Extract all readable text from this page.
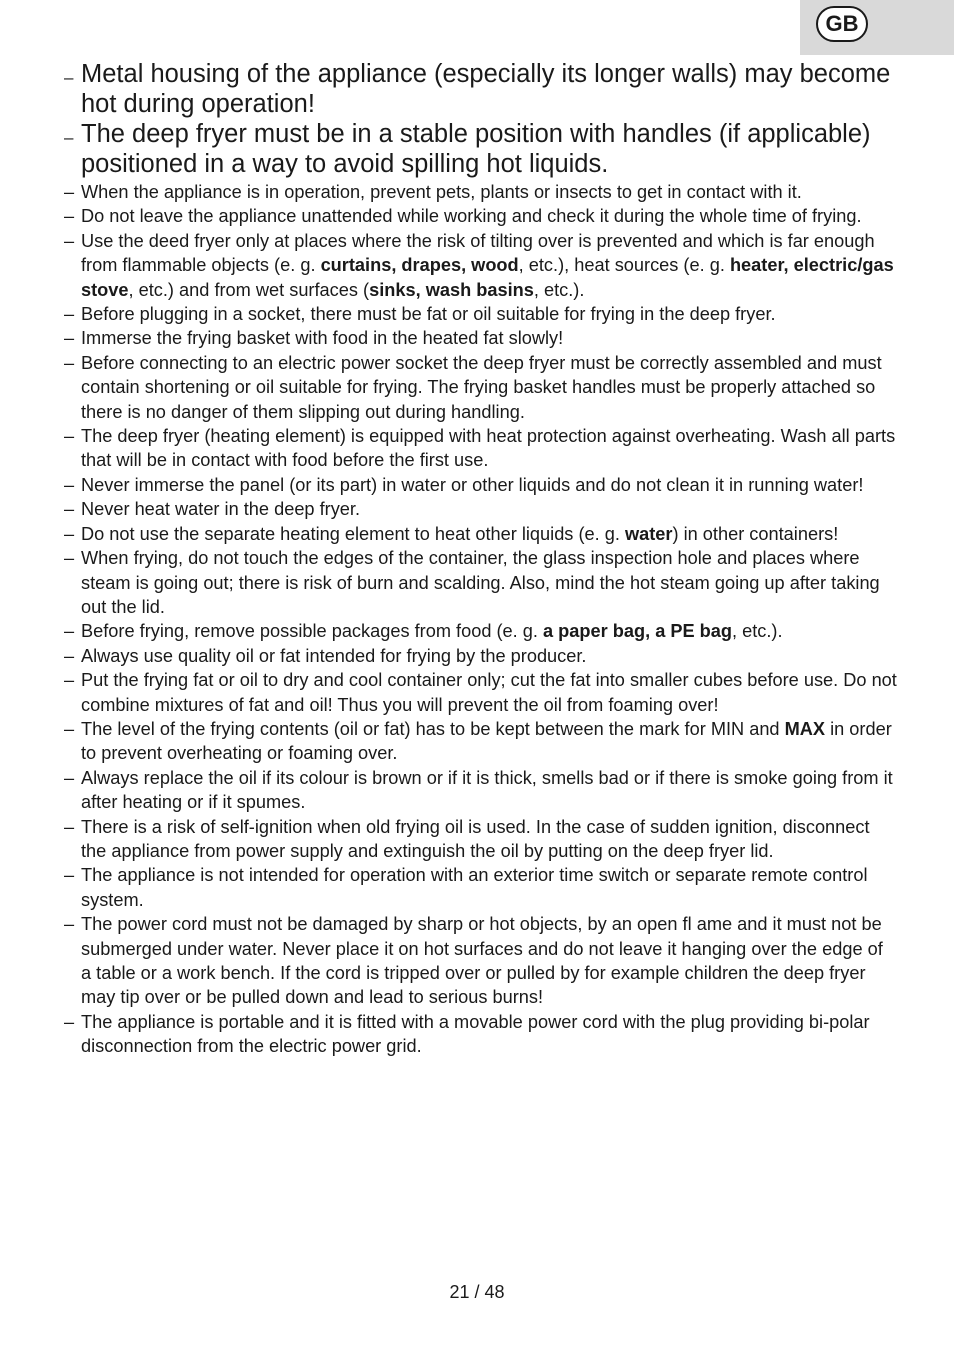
GB
– Metal housing of the appliance (especially its longer walls) may become hot during operation!
– The deep fryer must be in a stable position with handles (if applicable) positioned in a way to avoid spilling hot liquids.
– When the appliance is in operation, prevent pets, plants or insects to get in contact with it.
– Do not leave the appliance unattended while working and check it during the whole time of frying.
– Use the deed fryer only at places where the risk of tilting over is prevented and which is far enough from flammable objects (e. g. curtains, drapes, wood, etc.), heat sources (e. g. heater, electric/gas stove, etc.) and from wet surfaces (sinks, wash basins, etc.).
– Before plugging in a socket, there must be fat or oil suitable for frying in the deep fryer.
– Immerse the frying basket with food in the heated fat slowly!
– Before connecting to an electric power socket the deep fryer must be correctly assembled and must contain shortening or oil suitable for frying. The frying basket handles must be properly attached so there is no danger of them slipping out during handling.
– The deep fryer (heating element) is equipped with heat protection against overheating. Wash all parts that will be in contact with food before the first use.
– Never immerse the panel (or its part) in water or other liquids and do not clean it in running water!
– Never heat water in the deep fryer.
– Do not use the separate heating element to heat other liquids (e. g. water) in other containers!
– When frying, do not touch the edges of the container, the glass inspection hole and places where steam is going out; there is risk of burn and scalding. Also, mind the hot steam going up after taking out the lid.
– Before frying, remove possible packages from food (e. g. a paper bag, a PE bag, etc.).
– Always use quality oil or fat intended for frying by the producer.
– Put the frying fat or oil to dry and cool container only; cut the fat into smaller cubes before use. Do not combine mixtures of fat and oil! Thus you will prevent the oil from foaming over!
– The level of the frying contents (oil or fat) has to be kept between the mark for MIN and MAX in order to prevent overheating or foaming over.
– Always replace the oil if its colour is brown or if it is thick, smells bad or if there is smoke going from it after heating or if it spumes.
– There is a risk of self-ignition when old frying oil is used. In the case of sudden ignition, disconnect the appliance from power supply and extinguish the oil by putting on the deep fryer lid.
– The appliance is not intended for operation with an exterior time switch or separate remote control system.
– The power cord must not be damaged by sharp or hot objects, by an open fl ame and it must not be submerged under water. Never place it on hot surfaces and do not leave it hanging over the edge of a table or a work bench. If the cord is tripped over or pulled by for example children the deep fryer may tip over or be pulled down and lead to serious burns!
– The appliance is portable and it is fitted with a movable power cord with the plug providing bi-polar disconnection from the electric power grid.
21 / 48
